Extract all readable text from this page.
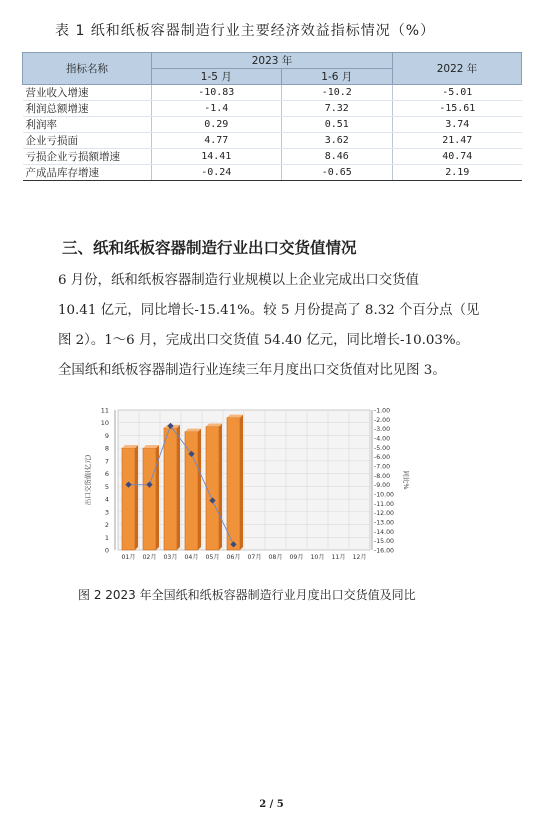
表 1 纸和纸板容器制造行业主要经济效益指标情况（%）
指标名称	2023 年		2022 年
	1-5 月	1-6 月	
营业收入增速	-10.83	-10.2	-5.01
利润总额增速	-1.4	7.32	-15.61
利润率	0.29	0.51	3.74
企业亏损面	4.77	3.62	21.47
亏损企业亏损额增速	14.41	8.46	40.74
产成品库存增速	-0.24	-0.65	2.19
三、纸和纸板容器制造行业出口交货值情况

6 月份，纸和纸板容器制造行业规模以上企业完成出口交货值

10.41 亿元，同比增长-15.41%。较 5 月份提高了 8.32 个百分点（见

图 2）。1～6 月，完成出口交货值 54.40 亿元，同比增长-10.03%。

全国纸和纸板容器制造行业连续三年月度出口交货值对比见图 3。

0
1
2
3
4
5
6
7
8
9
10
11	-1.00
-2.00
-3.00
-4.00
-5.00
-6.00
-7.00
-8.00
-9.00
-10.00
-11.00
-12.00
-13.00
-14.00
-15.00
-16.00
出口交货值(亿元)	同比%
01月 02月 03月 04月 05月 06月 07月 08月 09月 10月 11月 12月
图 2 2023 年全国纸和纸板容器制造行业月度出口交货值及同比
2 / 5
